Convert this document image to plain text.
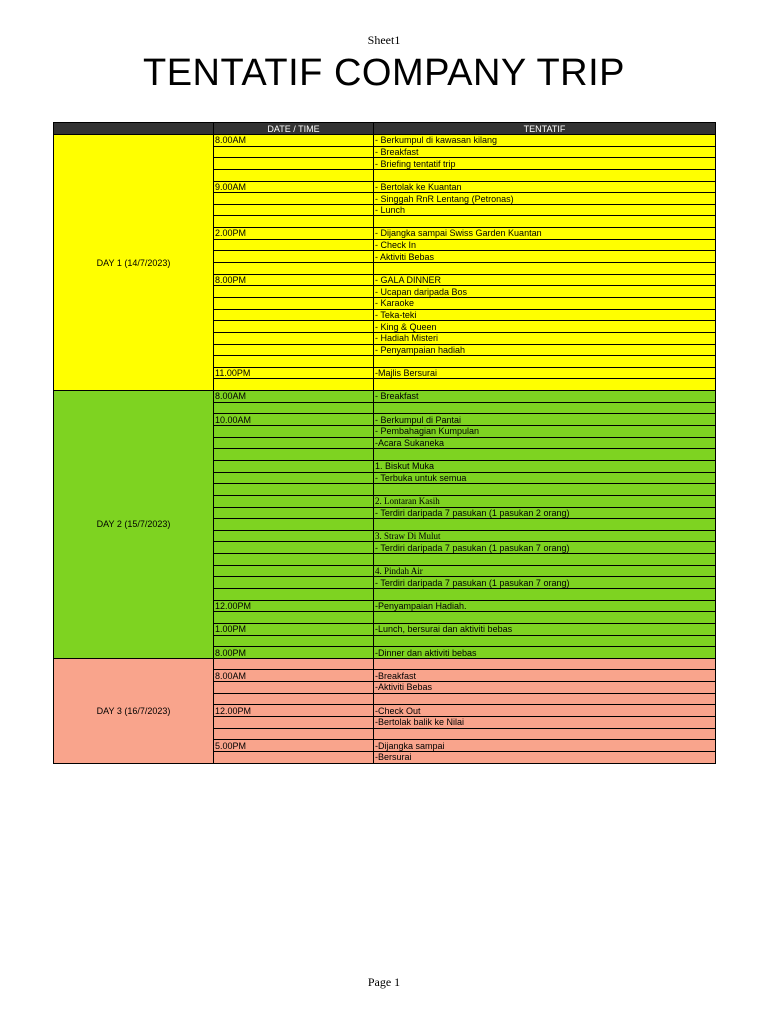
Sheet1
TENTATIF COMPANY TRIP
	DATE / TIME	TENTATIF
DAY 1 (14/7/2023)	8.00AM	- Berkumpul di kawasan kilang
		- Breakfast
		- Briefing tentatif trip

	9.00AM	- Bertolak ke Kuantan
		- Singgah RnR Lentang (Petronas)
		- Lunch

	2.00PM	- Dijangka sampai Swiss Garden Kuantan
		- Check In
		- Aktiviti Bebas

	8.00PM	- GALA DINNER
		- Ucapan daripada Bos
		- Karaoke
		- Teka-teki
		- King & Queen
		- Hadiah Misteri
		- Penyampaian hadiah

	11.00PM	-Majlis Bersurai

DAY 2 (15/7/2023)	8.00AM	- Breakfast

	10.00AM	- Berkumpul di Pantai
		- Pembahagian Kumpulan
		-Acara Sukaneka

		1. Biskut Muka
		- Terbuka untuk semua

		2. Lontaran Kasih
		- Terdiri daripada 7 pasukan (1 pasukan 2 orang)

		3. Straw Di Mulut
		- Terdiri daripada 7 pasukan (1 pasukan 7 orang)

		4. Pindah Air
		- Terdiri daripada 7 pasukan (1 pasukan 7 orang)

	12.00PM	-Penyampaian Hadiah.

	1.00PM	-Lunch, bersurai dan aktiviti bebas

	8.00PM	-Dinner dan aktiviti bebas
DAY 3 (16/7/2023)		
	8.00AM	-Breakfast
		-Aktiviti Bebas

	12.00PM	-Check Out
		-Bertolak balik ke Nilai

	5.00PM	-Dijangka sampai
		-Bersurai
Page 1
